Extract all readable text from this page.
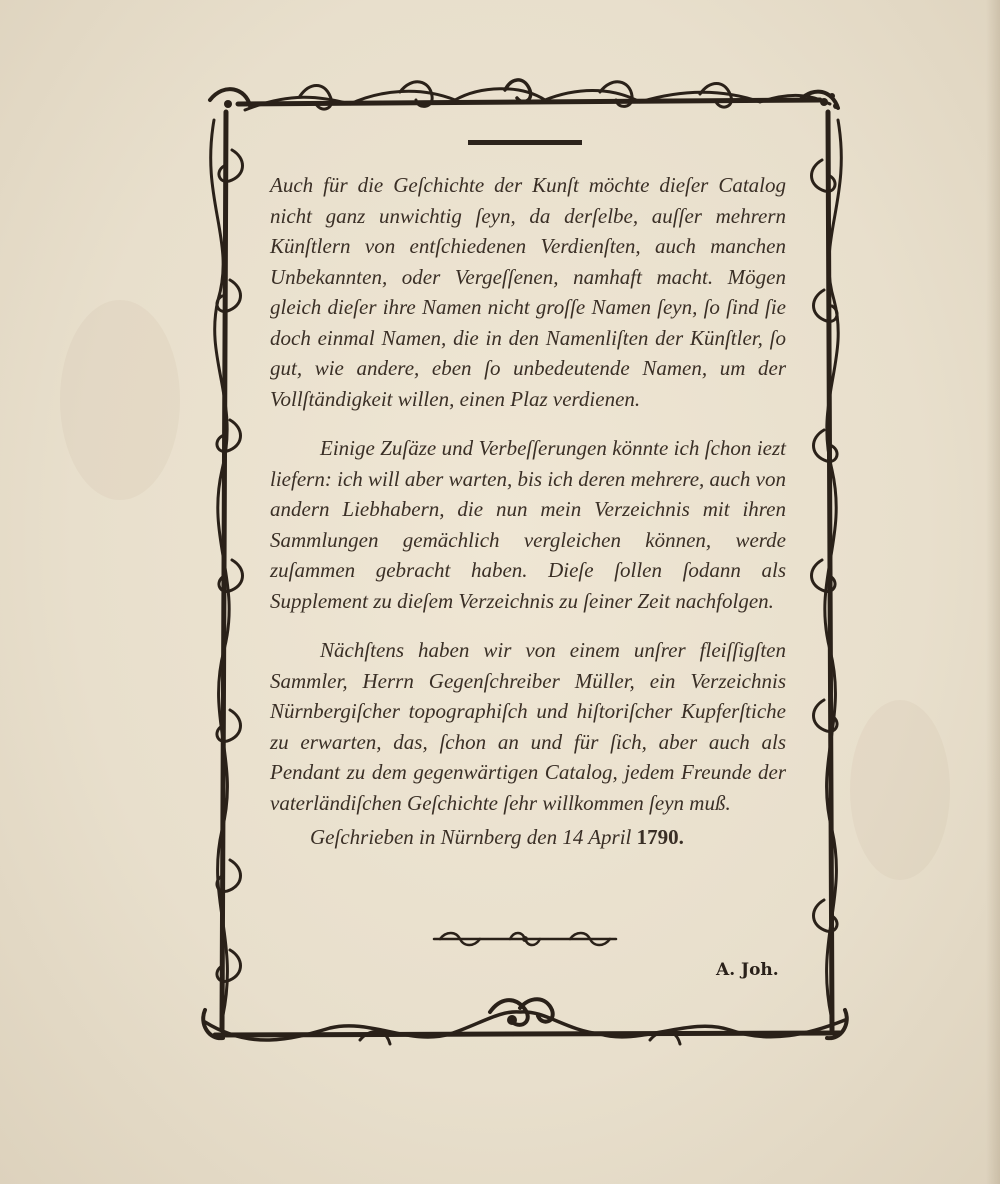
Auch für die Geſchichte der Kunſt möchte dieſer Catalog nicht ganz unwichtig ſeyn, da derſelbe, auſſer mehrern Künſtlern von entſchiedenen Verdienſten, auch manchen Unbekannten, oder Vergeſſenen, namhaft macht. Mögen gleich dieſer ihre Namen nicht groſſe Namen ſeyn, ſo ſind ſie doch einmal Namen, die in den Namenliſten der Künſtler, ſo gut, wie andere, eben ſo unbedeutende Namen, um der Vollſtändigkeit willen, einen Plaz verdienen.

Einige Zuſäze und Verbeſſerungen könnte ich ſchon iezt liefern: ich will aber warten, bis ich deren mehrere, auch von andern Liebhabern, die nun mein Verzeichnis mit ihren Sammlungen gemächlich vergleichen können, werde zuſammen gebracht haben. Dieſe ſollen ſodann als Supplement zu dieſem Verzeichnis zu ſeiner Zeit nachfolgen.

Nächſtens haben wir von einem unſrer fleiſſigſten Sammler, Herrn Gegenſchreiber Müller, ein Verzeichnis Nürnbergiſcher topographiſch und hiſtoriſcher Kupferſtiche zu erwarten, das, ſchon an und für ſich, aber auch als Pendant zu dem gegenwärtigen Catalog, jedem Freunde der vaterländiſchen Geſchichte ſehr willkommen ſeyn muß.

Geſchrieben in Nürnberg den 14 April 1790.
A. Joh.
